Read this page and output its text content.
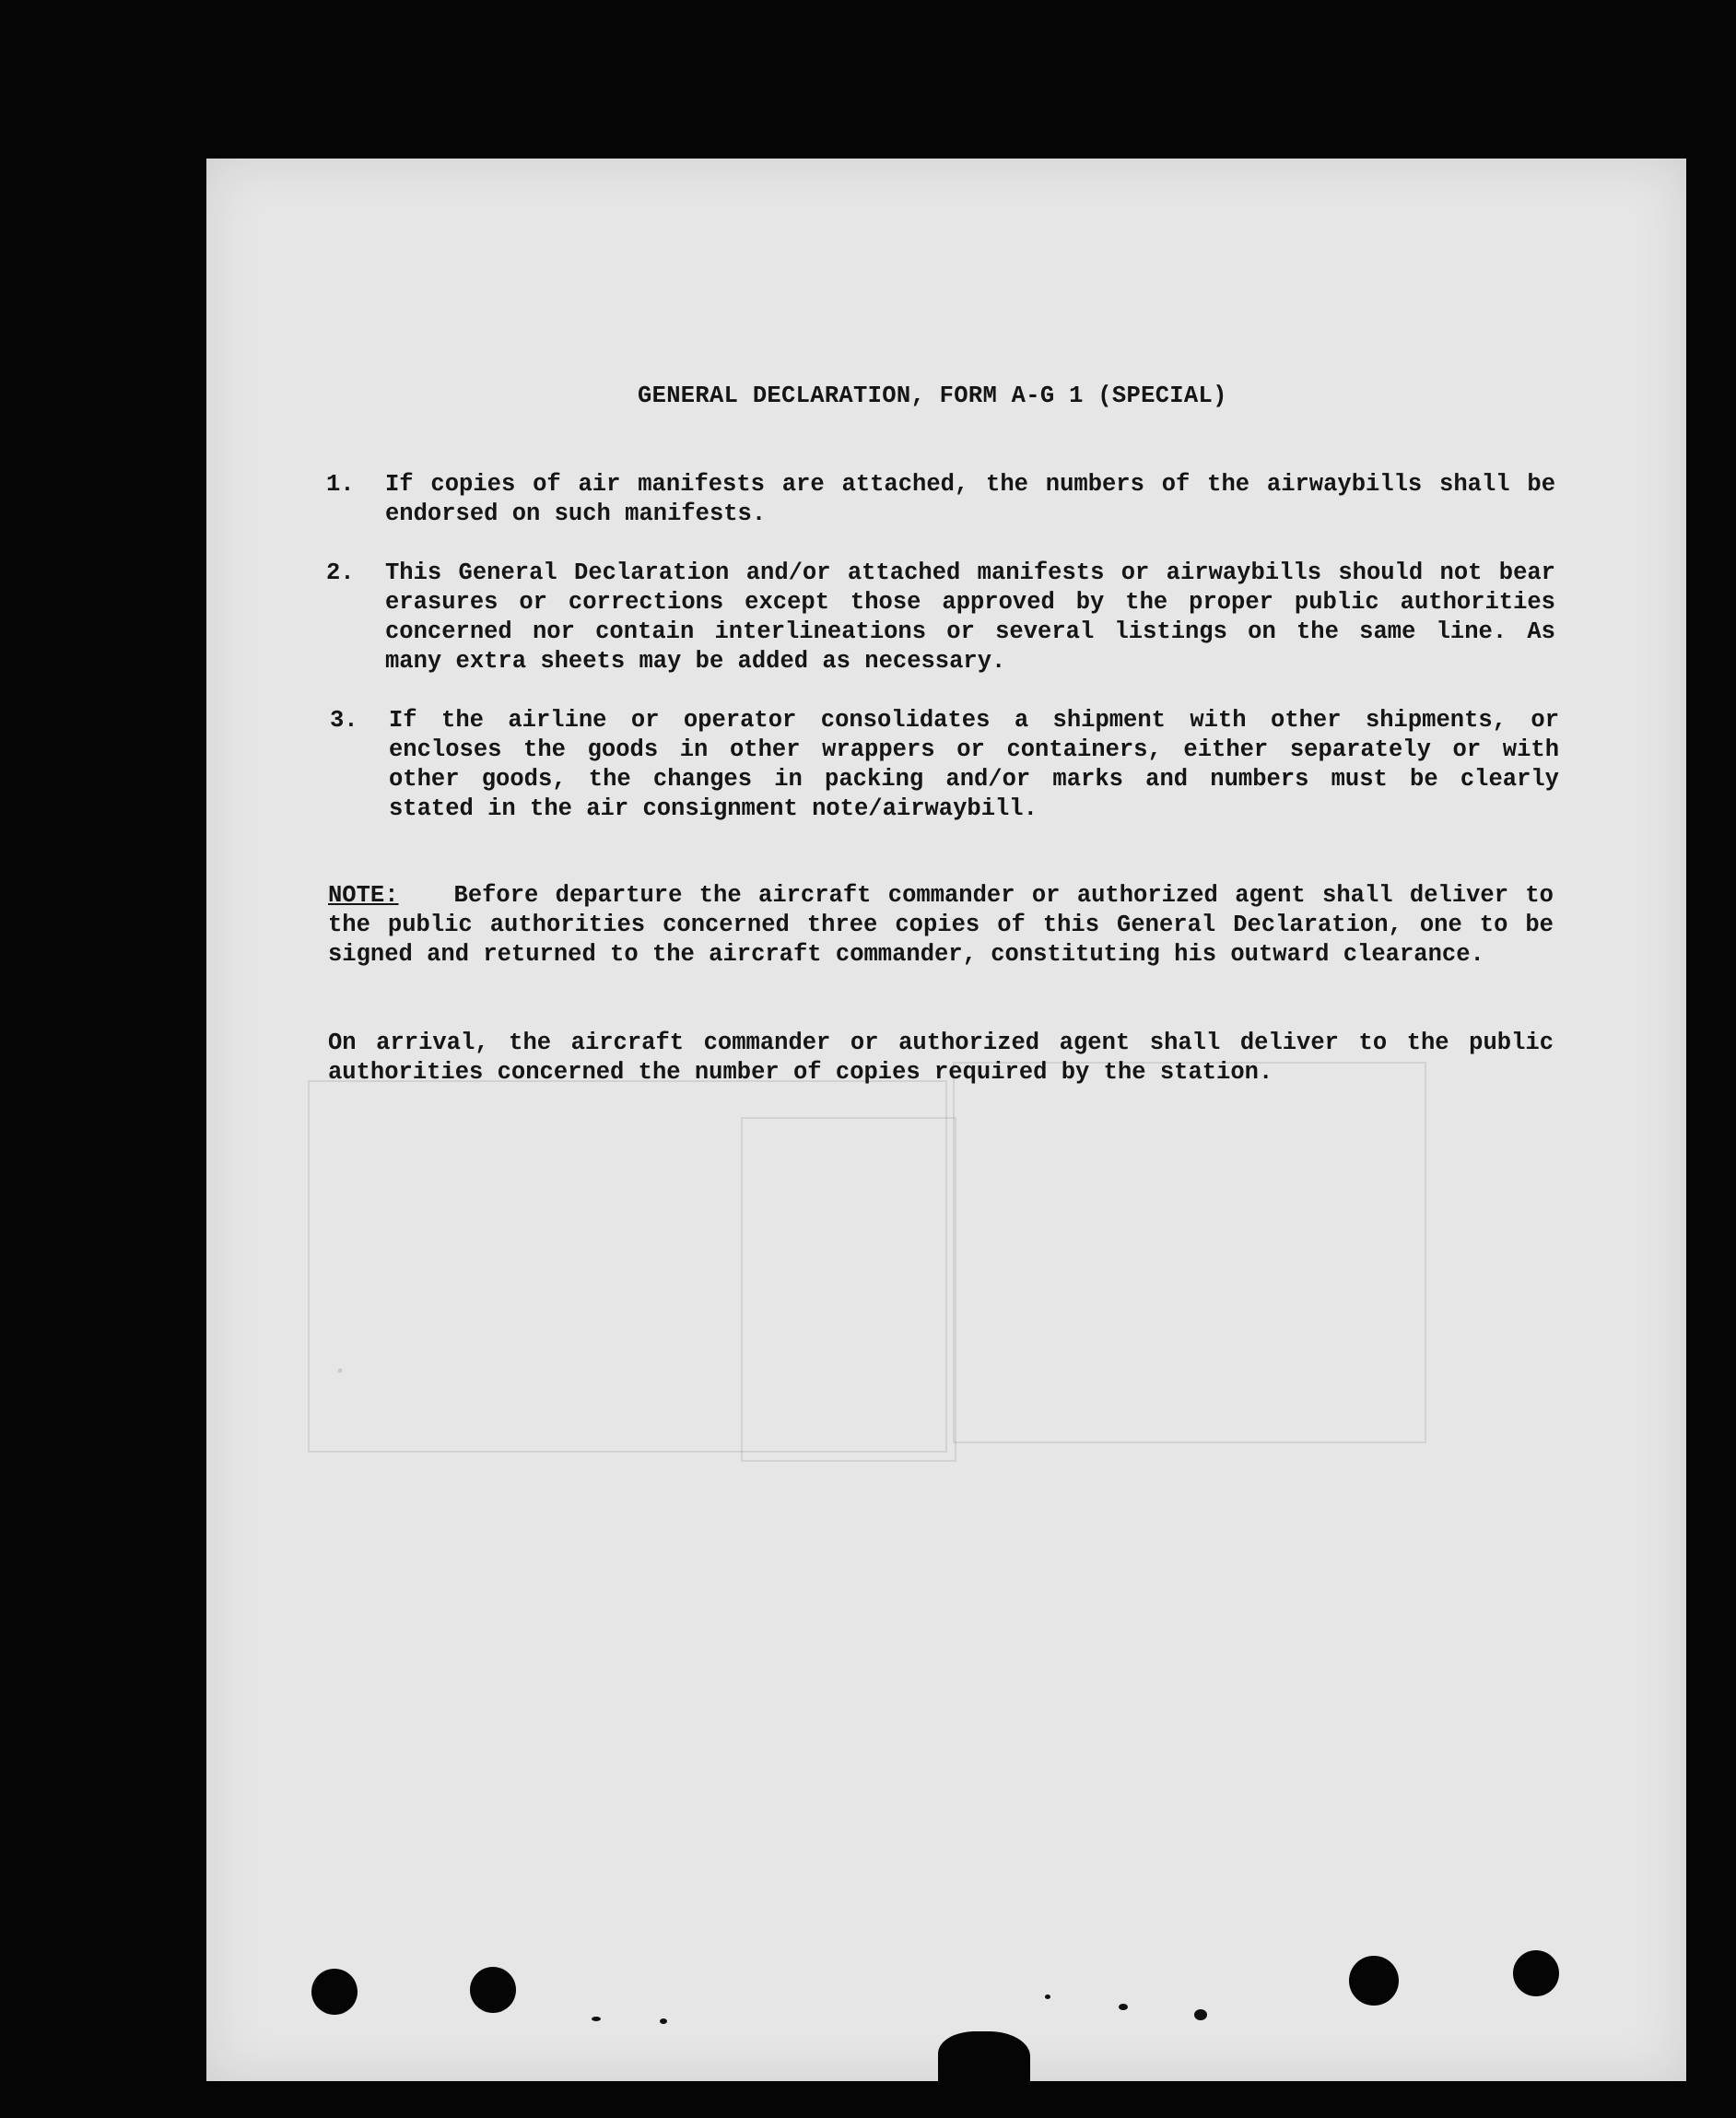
.
GENERAL DECLARATION, FORM A-G 1 (SPECIAL)
1. If copies of air manifests are attached, the numbers of the airwaybills shall be endorsed on such manifests.
2. This General Declaration and/or attached manifests or airwaybills should not bear erasures or corrections except those approved by the proper public authorities concerned nor contain interlineations or several listings on the same line. As many extra sheets may be added as necessary.
3. If the airline or operator consolidates a shipment with other shipments, or encloses the goods in other wrappers or containers, either separately or with other goods, the changes in packing and/or marks and numbers must be clearly stated in the air consignment note/airwaybill.
NOTE: Before departure the aircraft commander or authorized agent shall deliver to the public authorities concerned three copies of this General Declaration, one to be signed and returned to the aircraft commander, constituting his outward clearance.
On arrival, the aircraft commander or authorized agent shall deliver to the public authorities concerned the number of copies required by the station.
